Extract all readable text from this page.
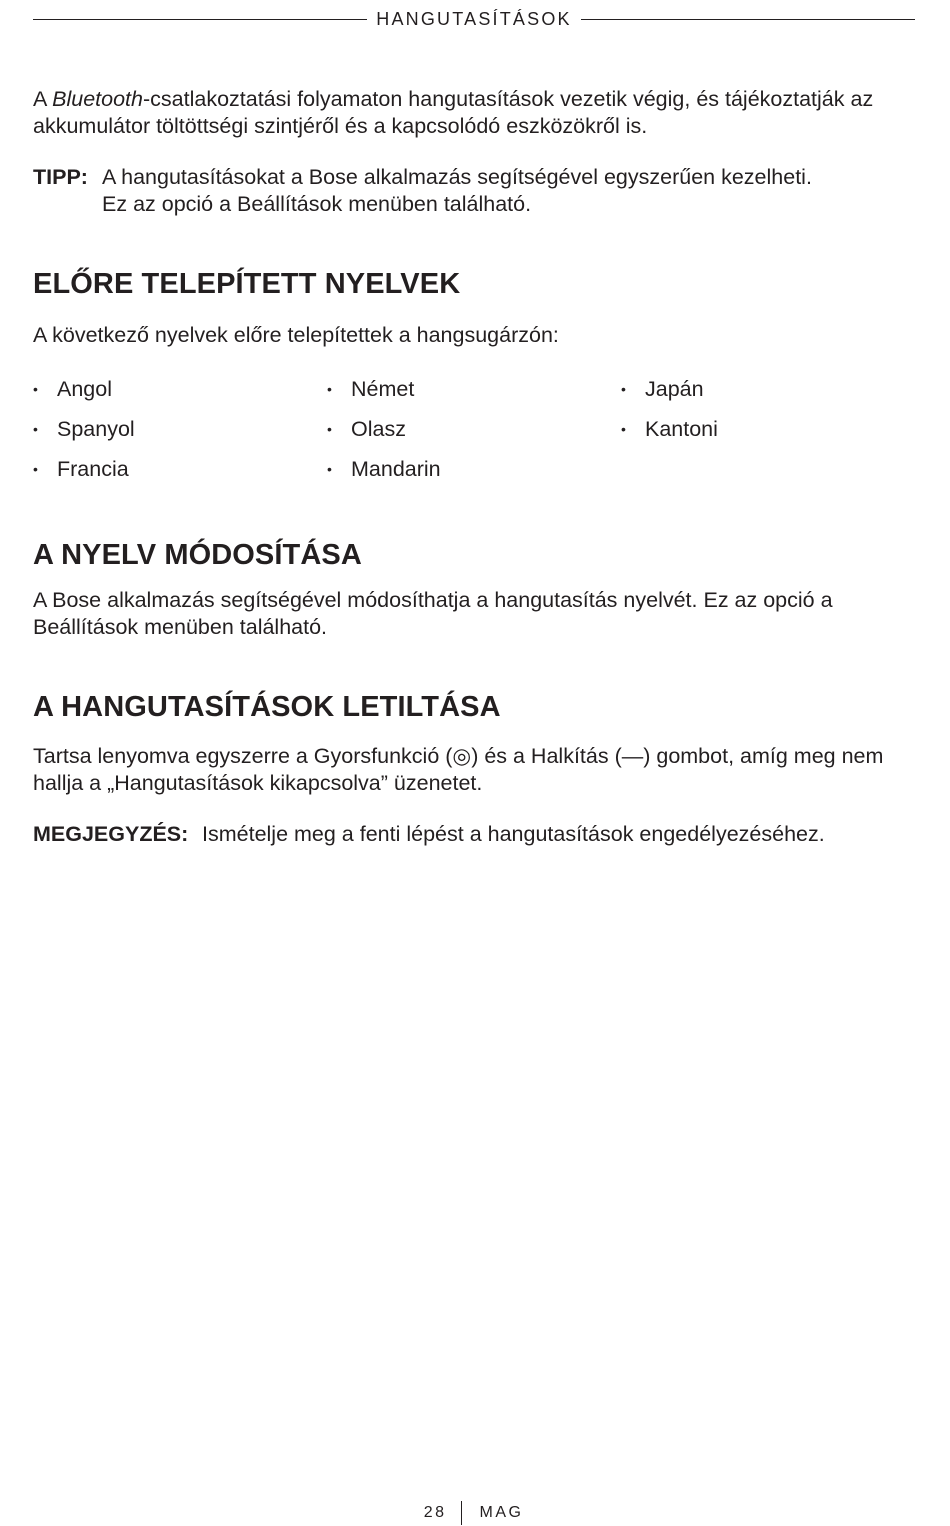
HANGUTASÍTÁSOK

A Bluetooth-csatlakoztatási folyamaton hangutasítások vezetik végig, és tájékoztatják az akkumulátor töltöttségi szintjéről és a kapcsolódó eszközökről is.

TIPP: A hangutasításokat a Bose alkalmazás segítségével egyszerűen kezelheti.
Ez az opció a Beállítások menüben található.
ELŐRE TELEPÍTETT NYELVEK

A következő nyelvek előre telepítettek a hangsugárzón:

• Angol
• Spanyol
• Francia
• Német
• Olasz
• Mandarin
• Japán
• Kantoni
A NYELV MÓDOSÍTÁSA

A Bose alkalmazás segítségével módosíthatja a hangutasítás nyelvét. Ez az opció a Beállítások menüben található.

A HANGUTASÍTÁSOK LETILTÁSA

Tartsa lenyomva egyszerre a Gyorsfunkció (◎) és a Halkítás (—) gombot, amíg meg nem hallja a „Hangutasítások kikapcsolva” üzenetet.

MEGJEGYZÉS: Ismételje meg a fenti lépést a hangutasítások engedélyezéséhez.
28	MAG
